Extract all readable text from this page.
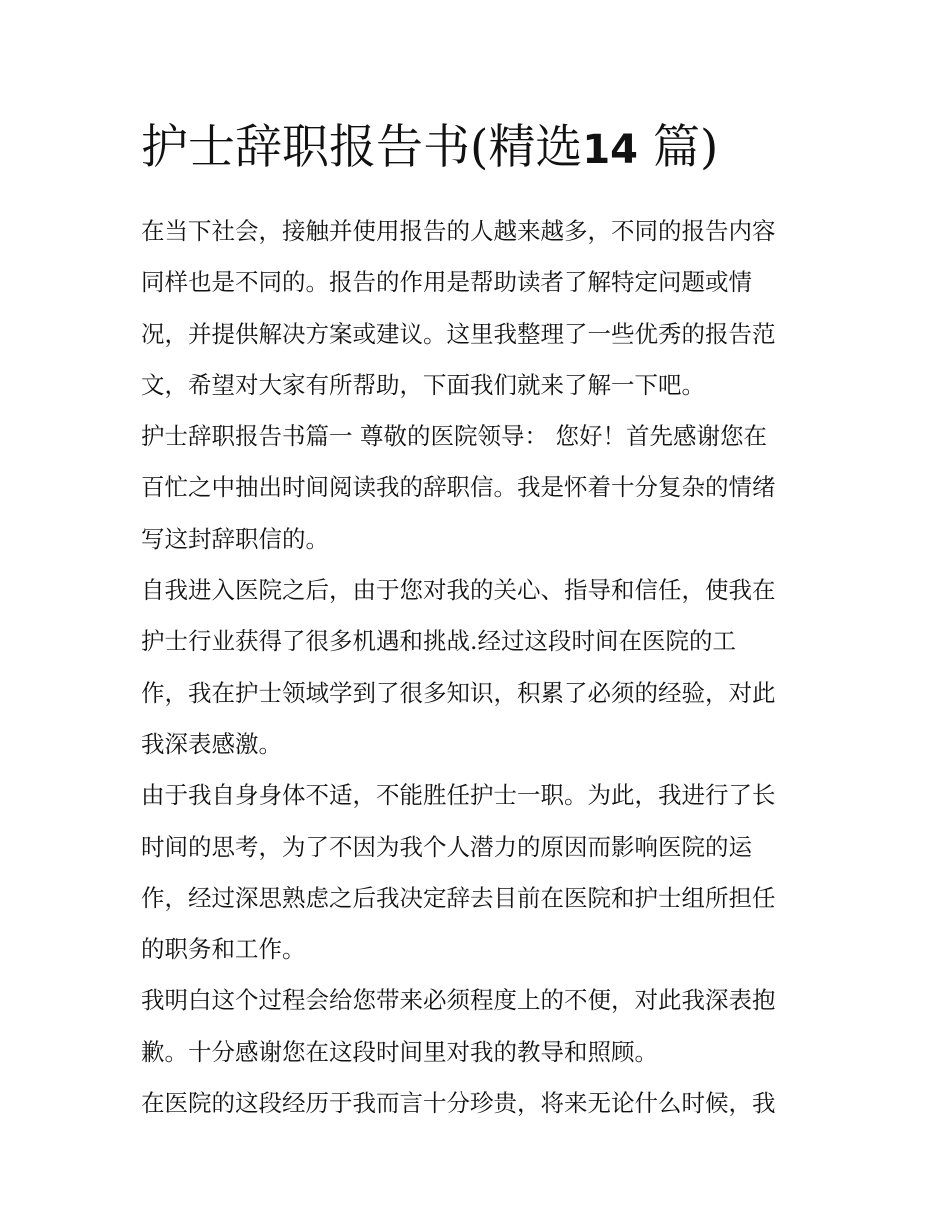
护士辞职报告书(精选14 篇)

在当下社会，接触并使用报告的人越来越多，不同的报告内容
同样也是不同的。报告的作用是帮助读者了解特定问题或情
况，并提供解决方案或建议。这里我整理了一些优秀的报告范
文，希望对大家有所帮助，下面我们就来了解一下吧。

护士辞职报告书篇一 尊敬的医院领导： 您好！首先感谢您在
百忙之中抽出时间阅读我的辞职信。我是怀着十分复杂的情绪
写这封辞职信的。

自我进入医院之后，由于您对我的关心、指导和信任，使我在
护士行业获得了很多机遇和挑战.经过这段时间在医院的工
作，我在护士领域学到了很多知识，积累了必须的经验，对此
我深表感激。

由于我自身身体不适，不能胜任护士一职。为此，我进行了长
时间的思考，为了不因为我个人潜力的原因而影响医院的运
作，经过深思熟虑之后我决定辞去目前在医院和护士组所担任
的职务和工作。

我明白这个过程会给您带来必须程度上的不便，对此我深表抱
歉。十分感谢您在这段时间里对我的教导和照顾。

在医院的这段经历于我而言十分珍贵，将来无论什么时候，我
